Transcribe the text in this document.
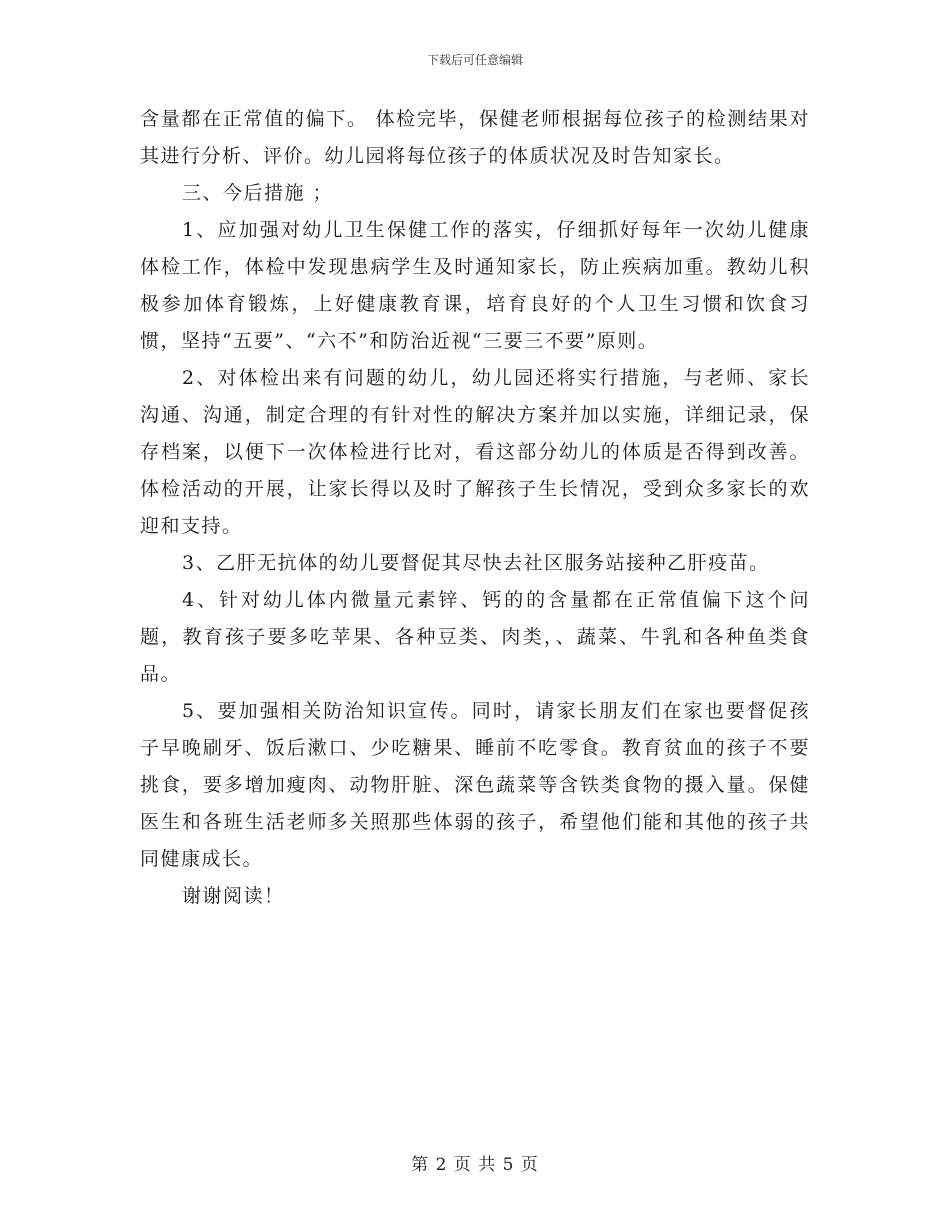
下载后可任意编辑

含量都在正常值的偏下。 体检完毕，保健老师根据每位孩子的检测结果对其进行分析、评价。幼儿园将每位孩子的体质状况及时告知家长。

三、今后措施 ；

1、应加强对幼儿卫生保健工作的落实，仔细抓好每年一次幼儿健康体检工作，体检中发现患病学生及时通知家长，防止疾病加重。教幼儿积极参加体育锻炼，上好健康教育课，培育良好的个人卫生习惯和饮食习惯，坚持“五要”、“六不”和防治近视“三要三不要”原则。

2、对体检出来有问题的幼儿，幼儿园还将实行措施，与老师、家长沟通、沟通，制定合理的有针对性的解决方案并加以实施，详细记录，保存档案，以便下一次体检进行比对，看这部分幼儿的体质是否得到改善。体检活动的开展，让家长得以及时了解孩子生长情况，受到众多家长的欢迎和支持。

3、乙肝无抗体的幼儿要督促其尽快去社区服务站接种乙肝疫苗。

4、针对幼儿体内微量元素锌、钙的的含量都在正常值偏下这个问题，教育孩子要多吃苹果、各种豆类、肉类，、蔬菜、牛乳和各种鱼类食品。

5、要加强相关防治知识宣传。同时，请家长朋友们在家也要督促孩子早晚刷牙、饭后漱口、少吃糖果、睡前不吃零食。教育贫血的孩子不要挑食，要多增加瘦肉、动物肝脏、深色蔬菜等含铁类食物的摄入量。保健医生和各班生活老师多关照那些体弱的孩子，希望他们能和其他的孩子共同健康成长。

谢谢阅读！

第 2 页 共 5 页
